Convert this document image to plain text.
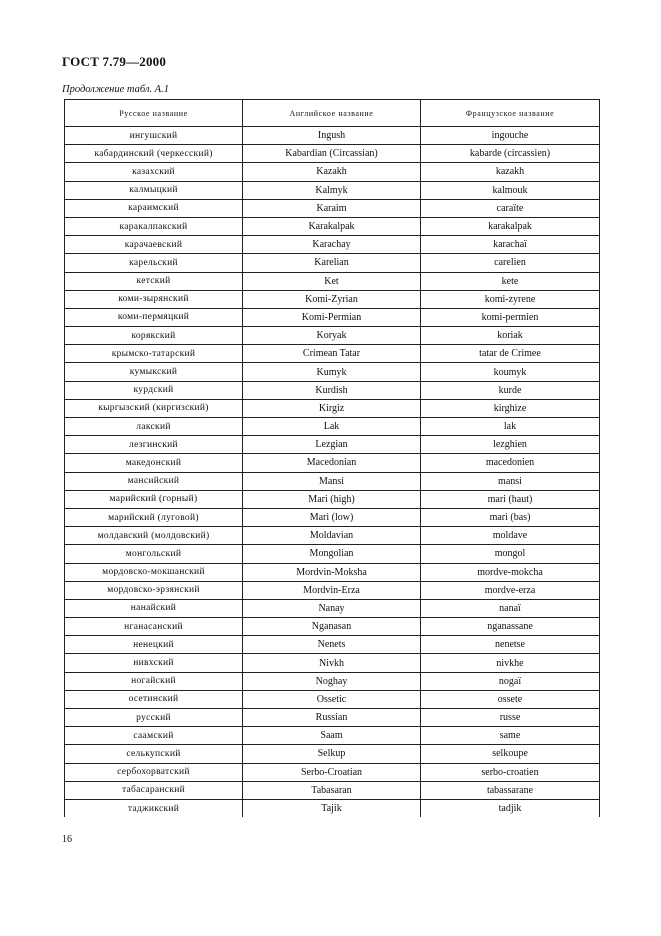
ГОСТ 7.79—2000
Продолжение табл. А.1
Русское название	Английское название	Французское название
ингушский	Ingush	ingouche
кабардинский (черкесский)	Kabardian (Circassian)	kabarde (circassien)
казахский	Kazakh	kazakh
калмыцкий	Kalmyk	kalmouk
караимский	Karaim	caraïte
каракалпакский	Karakalpak	karakalpak
карачаевский	Karachay	karachaï
карельский	Karelian	carelien
кетский	Ket	kete
коми-зырянский	Komi-Zyrian	komi-zyrene
коми-пермяцкий	Komi-Permian	komi-permien
корякский	Koryak	koriak
крымско-татарский	Crimean Tatar	tatar de Crimee
кумыкский	Kumyk	koumyk
курдский	Kurdish	kurde
кыргызский (киргизский)	Kirgiz	kirghize
лакский	Lak	lak
лезгинский	Lezgian	lezghien
македонский	Macedonian	macedonien
мансийский	Mansi	mansi
марийский (горный)	Mari (high)	mari (haut)
марийский (луговой)	Mari (low)	mari (bas)
молдавский (молдовский)	Moldavian	moldave
монгольский	Mongolian	mongol
мордовско-мокшанский	Mordvin-Moksha	mordve-mokcha
мордовско-эрзянский	Mordvin-Erza	mordve-erza
нанайский	Nanay	nanaï
нганасанский	Nganasan	nganassane
ненецкий	Nenets	nenetse
нивхский	Nivkh	nivkhe
ногайский	Noghay	nogaï
осетинский	Ossetic	ossete
русский	Russian	russe
саамский	Saam	same
селькупский	Selkup	selkoupe
сербохорватский	Serbo-Croatian	serbo-croatien
табасаранский	Tabasaran	tabassarane
таджикский	Tajik	tadjik
16
